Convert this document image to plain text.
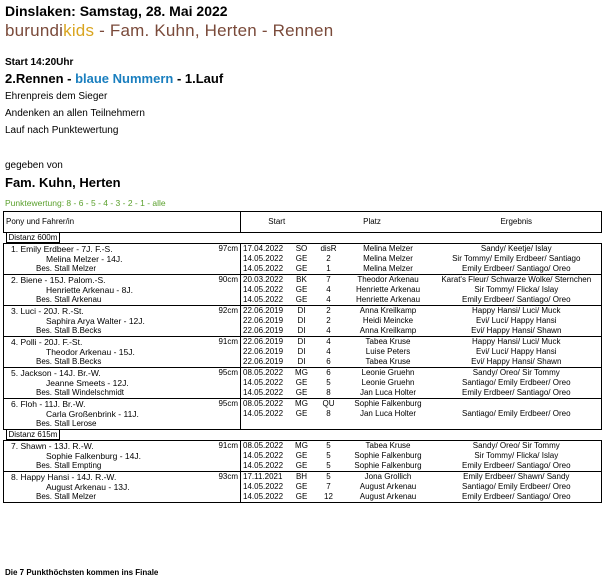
Dinslaken: Samstag, 28. Mai 2022
burundikids - Fam. Kuhn, Herten - Rennen
Start 14:20Uhr
2.Rennen - blaue Nummern - 1.Lauf
Ehrenpreis dem Sieger
Andenken an allen Teilnehmern
Lauf nach Punktewertung
gegeben von
Fam. Kuhn, Herten
Punktewertung: 8 - 6 - 5 - 4 - 3 - 2 - 1 - alle
Pony und Fahrer/in	Start		Platz		Ergebnis
Distanz 600m					

1. Emily Erdbeer - 7J. F.-S. 97cm	17.04.2022	SO	disR	Melina Melzer	Sandy/ Keetje/ Islay

Melina Melzer - 14J.	14.05.2022	GE	2	Melina Melzer	Sir Tommy/ Emily Erdbeer/ Santiago

Bes. Stall Melzer	14.05.2022	GE	1	Melina Melzer	Emily Erdbeer/ Santiago/ Oreo

2. Biene - 15J. Palom.-S. 90cm	20.03.2022	BK	7	Theodor Arkenau	Karat's Fleur/ Schwarze Wolke/ Sternchen

Henriette Arkenau - 8J.	14.05.2022	GE	4	Henriette Arkenau	Sir Tommy/ Flicka/ Islay

Bes. Stall Arkenau	14.05.2022	GE	4	Henriette Arkenau	Emily Erdbeer/ Santiago/ Oreo

3. Luci - 20J. R.-St. 92cm	22.06.2019	DI	2	Anna Kreilkamp	Happy Hansi/ Luci/ Muck

Saphira Arya Walter - 12J.	22.06.2019	DI	2	Heidi Meincke	Evi/ Luci/ Happy Hansi

Bes. Stall B.Becks	22.06.2019	DI	4	Anna Kreilkamp	Evi/ Happy Hansi/ Shawn

4. Polli - 20J. F.-St. 91cm	22.06.2019	DI	4	Tabea Kruse	Happy Hansi/ Luci/ Muck

Theodor Arkenau - 15J.	22.06.2019	DI	4	Luise Peters	Evi/ Luci/ Happy Hansi

Bes. Stall B.Becks	22.06.2019	DI	6	Tabea Kruse	Evi/ Happy Hansi/ Shawn

5. Jackson - 14J. Br.-W. 95cm	08.05.2022	MG	6	Leonie Gruehn	Sandy/ Oreo/ Sir Tommy

Jeanne Smeets - 12J.	14.05.2022	GE	5	Leonie Gruehn	Santiago/ Emily Erdbeer/ Oreo

Bes. Stall Windelschmidt	14.05.2022	GE	8	Jan Luca Holter	Emily Erdbeer/ Santiago/ Oreo

6. Floh - 11J. Br.-W. 95cm	08.05.2022	MG	QU	Sophie Falkenburg	

Carla Großenbrink - 11J.	14.05.2022	GE	8	Jan Luca Holter	Santiago/ Emily Erdbeer/ Oreo

Bes. Stall Lerose					

Distanz 615m					

7. Shawn - 13J. R.-W. 91cm	08.05.2022	MG	5	Tabea Kruse	Sandy/ Oreo/ Sir Tommy

Sophie Falkenburg - 14J.	14.05.2022	GE	5	Sophie Falkenburg	Sir Tommy/ Flicka/ Islay

Bes. Stall Empting	14.05.2022	GE	5	Sophie Falkenburg	Emily Erdbeer/ Santiago/ Oreo

8. Happy Hansi - 14J. R.-W. 93cm	17.11.2021	BH	5	Jona Grollich	Emily Erdbeer/ Shawn/ Sandy

August Arkenau - 13J.	14.05.2022	GE	7	August Arkenau	Santiago/ Emily Erdbeer/ Oreo

Bes. Stall Melzer	14.05.2022	GE	12	August Arkenau	Emily Erdbeer/ Santiago/ Oreo
Die 7 Punkthöchsten kommen ins Finale
